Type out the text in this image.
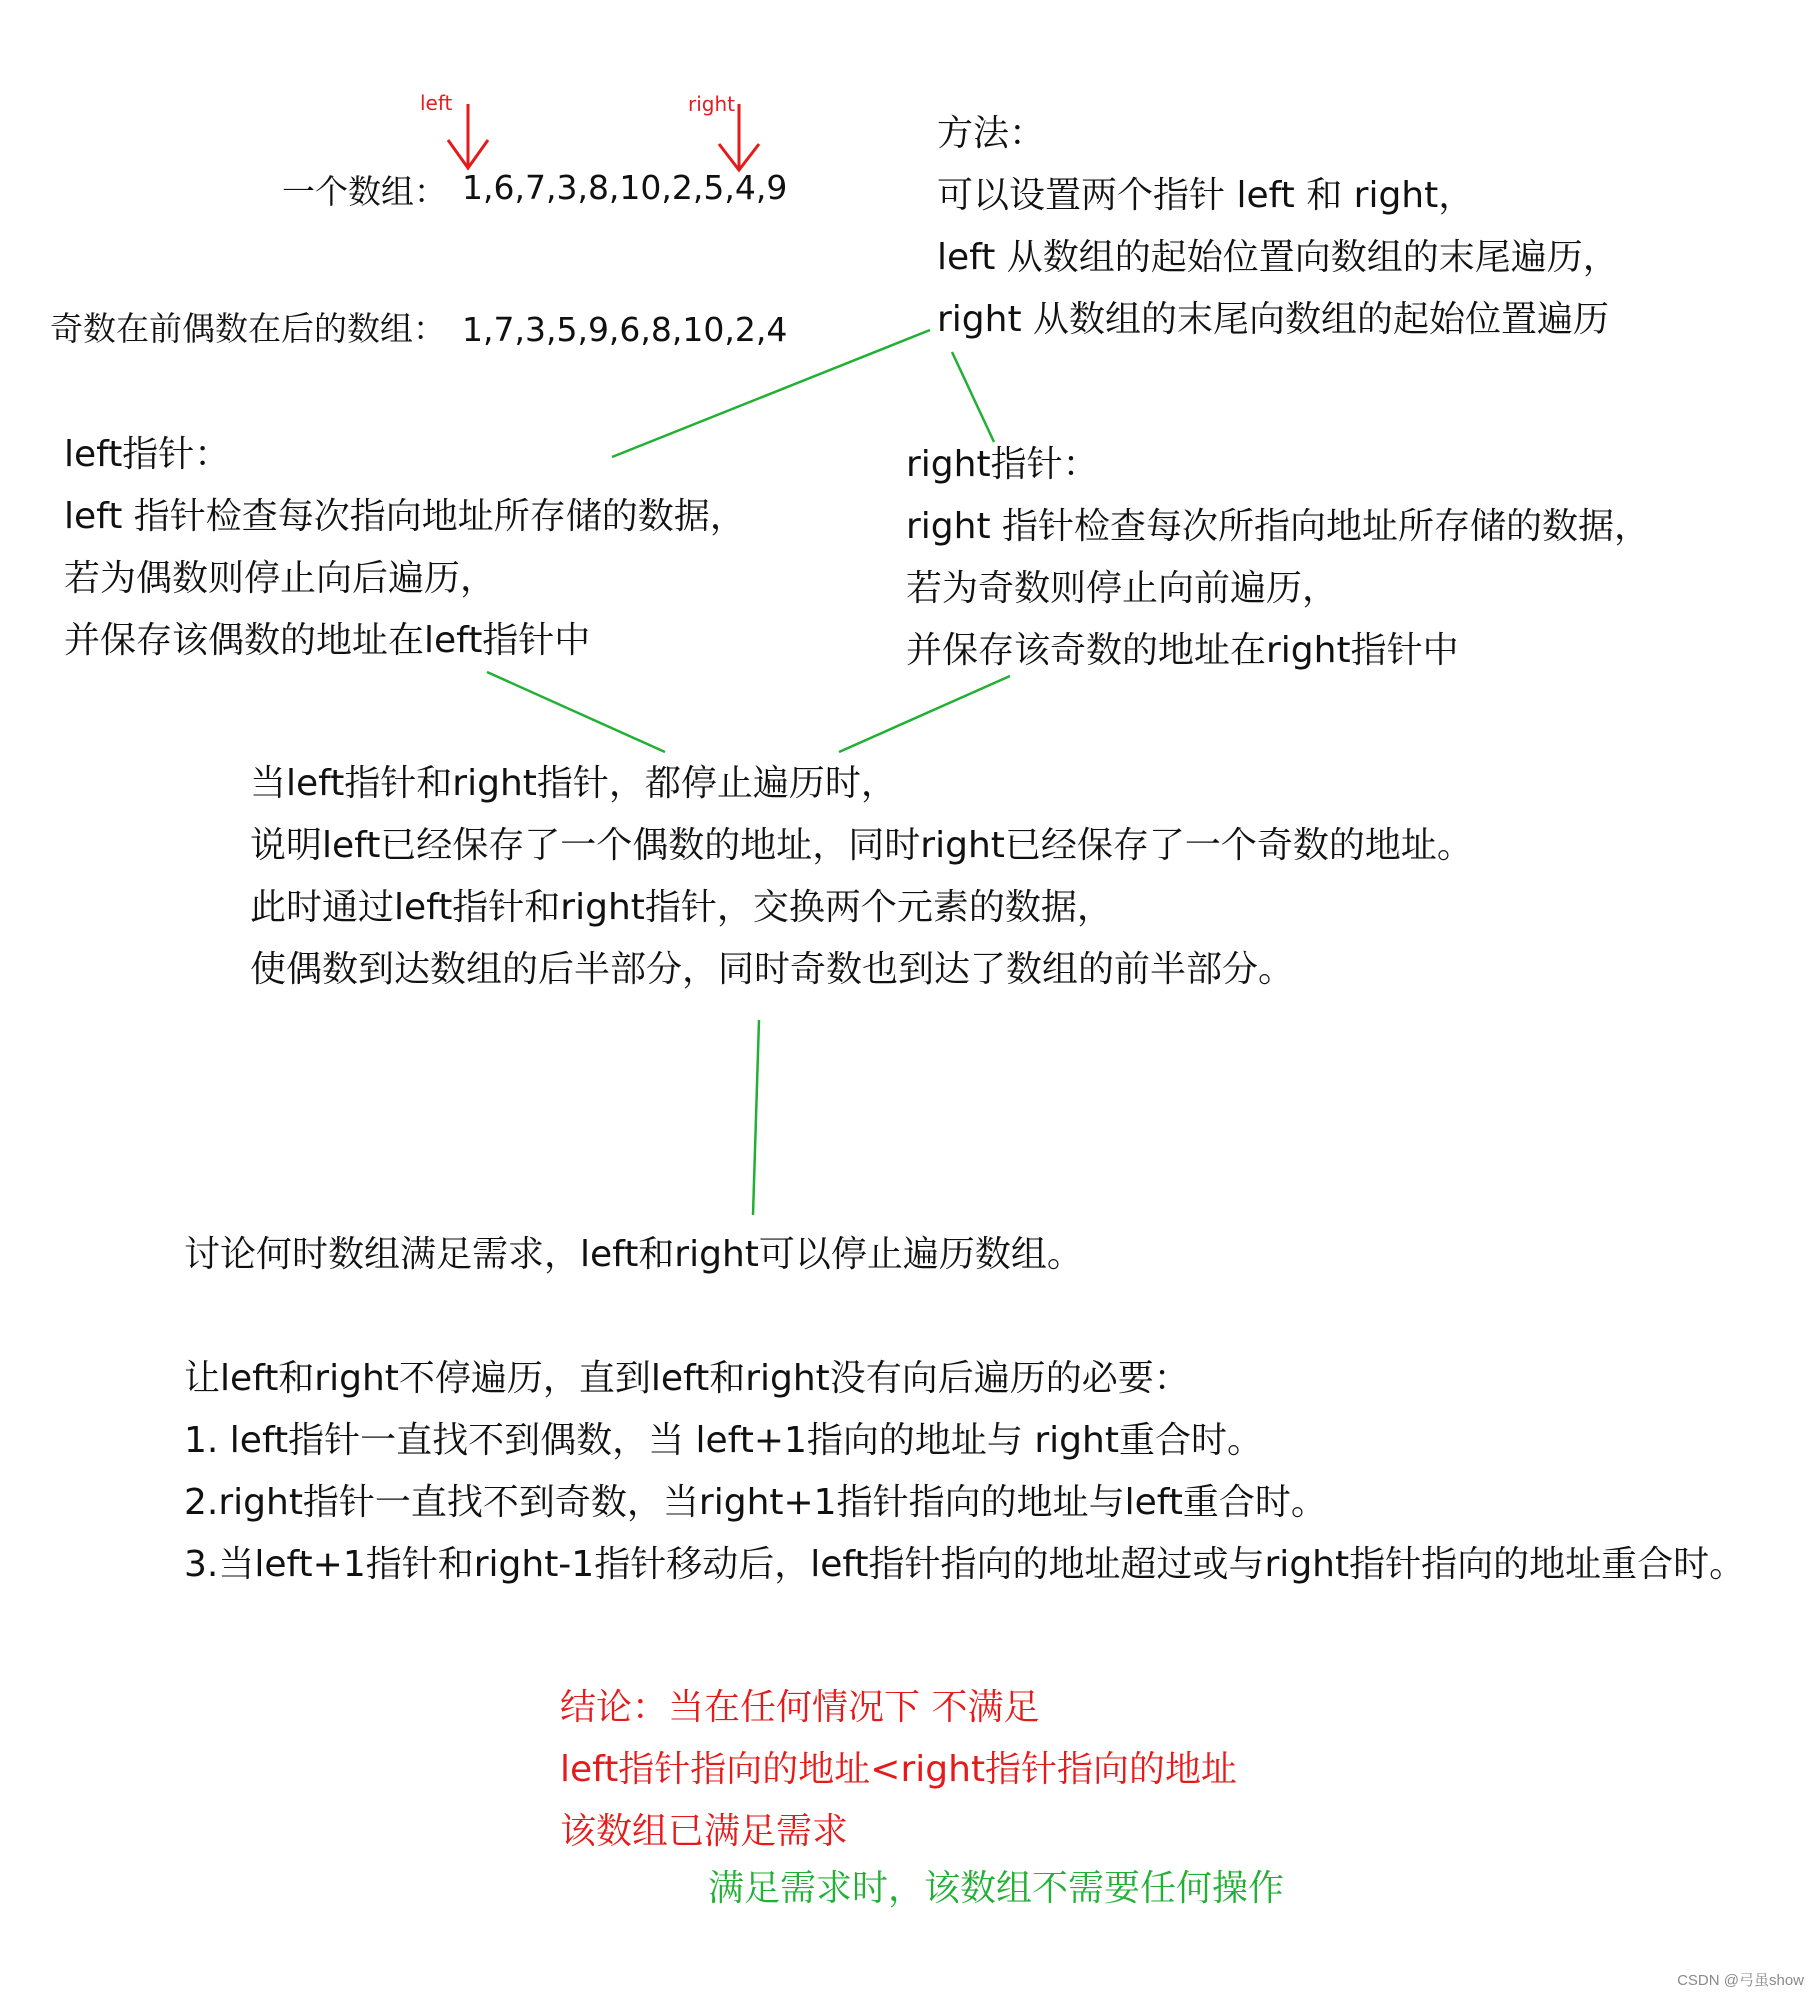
left	right
一个数组： 1,6,7,3,8,10,2,5,4,9
奇数在前偶数在后的数组： 1,7,3,5,9,6,8,10,2,4
方法：
可以设置两个指针 left 和 right，
left 从数组的起始位置向数组的末尾遍历，
right 从数组的末尾向数组的起始位置遍历
left指针：
left 指针检查每次指向地址所存储的数据，
若为偶数则停止向后遍历，
并保存该偶数的地址在left指针中
right指针：
right 指针检查每次所指向地址所存储的数据，
若为奇数则停止向前遍历，
并保存该奇数的地址在right指针中
当left指针和right指针，都停止遍历时，
说明left已经保存了一个偶数的地址，同时right已经保存了一个奇数的地址。
此时通过left指针和right指针，交换两个元素的数据，
使偶数到达数组的后半部分，同时奇数也到达了数组的前半部分。
讨论何时数组满足需求，left和right可以停止遍历数组。
让left和right不停遍历，直到left和right没有向后遍历的必要：
1. left指针一直找不到偶数，当 left+1指向的地址与 right重合时。
2.right指针一直找不到奇数，当right+1指针指向的地址与left重合时。
3.当left+1指针和right-1指针移动后，left指针指向的地址超过或与right指针指向的地址重合时。
结论：当在任何情况下 不满足
left指针指向的地址<right指针指向的地址
该数组已满足需求
满足需求时，该数组不需要任何操作
CSDN @弓虽show
